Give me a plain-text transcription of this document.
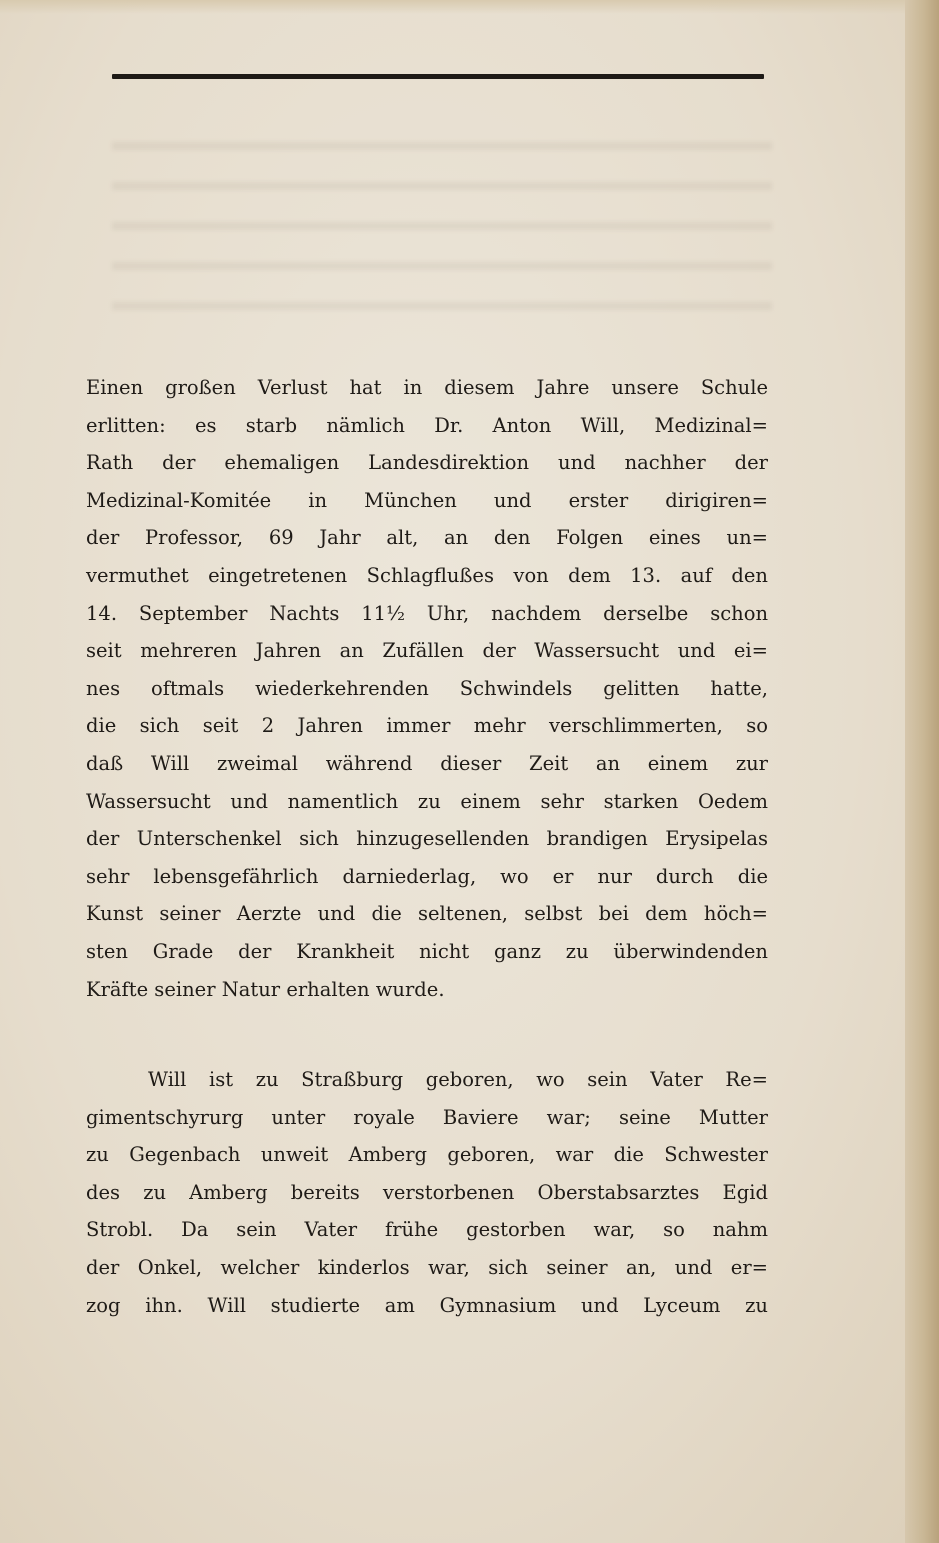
Einen großen Verlust hat in diesem Jahre unsere Schule
erlitten: es starb nämlich Dr. Anton Will, Medizinal=
Rath der ehemaligen Landesdirektion und nachher der
Medizinal-Komitée in München und erster dirigiren=
der Professor, 69 Jahr alt, an den Folgen eines un=
vermuthet eingetretenen Schlagflußes von dem 13. auf den
14. September Nachts 11½ Uhr, nachdem derselbe schon
seit mehreren Jahren an Zufällen der Wassersucht und ei=
nes oftmals wiederkehrenden Schwindels gelitten hatte,
die sich seit 2 Jahren immer mehr verschlimmerten, so
daß Will zweimal während dieser Zeit an einem zur
Wassersucht und namentlich zu einem sehr starken Oedem
der Unterschenkel sich hinzugesellenden brandigen Erysipelas
sehr lebensgefährlich darniederlag, wo er nur durch die
Kunst seiner Aerzte und die seltenen, selbst bei dem höch=
sten Grade der Krankheit nicht ganz zu überwindenden
Kräfte seiner Natur erhalten wurde.
Will ist zu Straßburg geboren, wo sein Vater Re=
gimentschyrurg unter royale Baviere war; seine Mutter
zu Gegenbach unweit Amberg geboren, war die Schwester
des zu Amberg bereits verstorbenen Oberstabsarztes Egid
Strobl. Da sein Vater frühe gestorben war, so nahm
der Onkel, welcher kinderlos war, sich seiner an, und er=
zog ihn. Will studierte am Gymnasium und Lyceum zu
